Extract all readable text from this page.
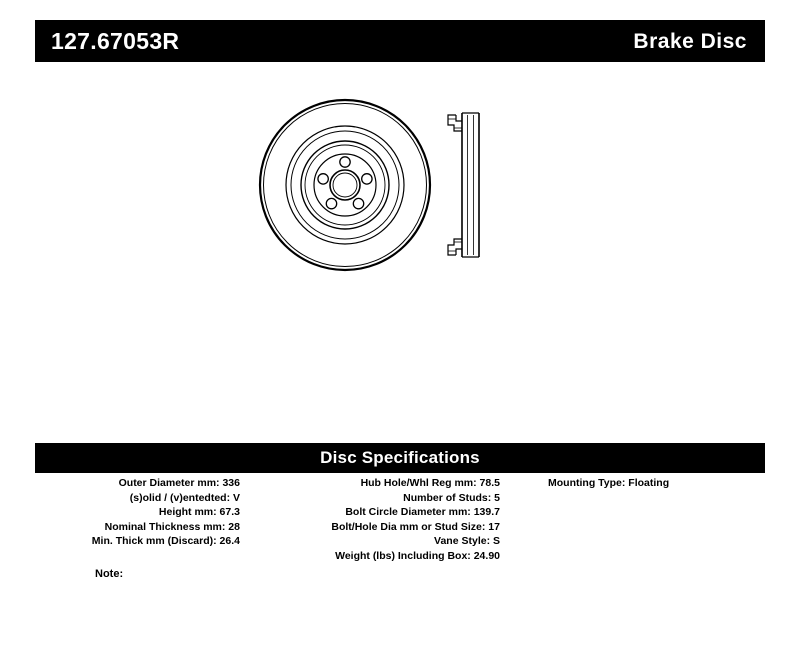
127.67053R	Brake Disc
Disc Specifications
Outer Diameter mm: 336
(s)olid / (v)entedted: V
Height mm: 67.3
Nominal Thickness mm: 28
Min. Thick mm (Discard): 26.4
Hub Hole/Whl Reg mm: 78.5
Number of Studs: 5
Bolt Circle Diameter mm: 139.7
Bolt/Hole Dia mm or Stud Size: 17
Vane Style: S
Weight (lbs) Including Box: 24.90
Mounting Type: Floating
Note:
